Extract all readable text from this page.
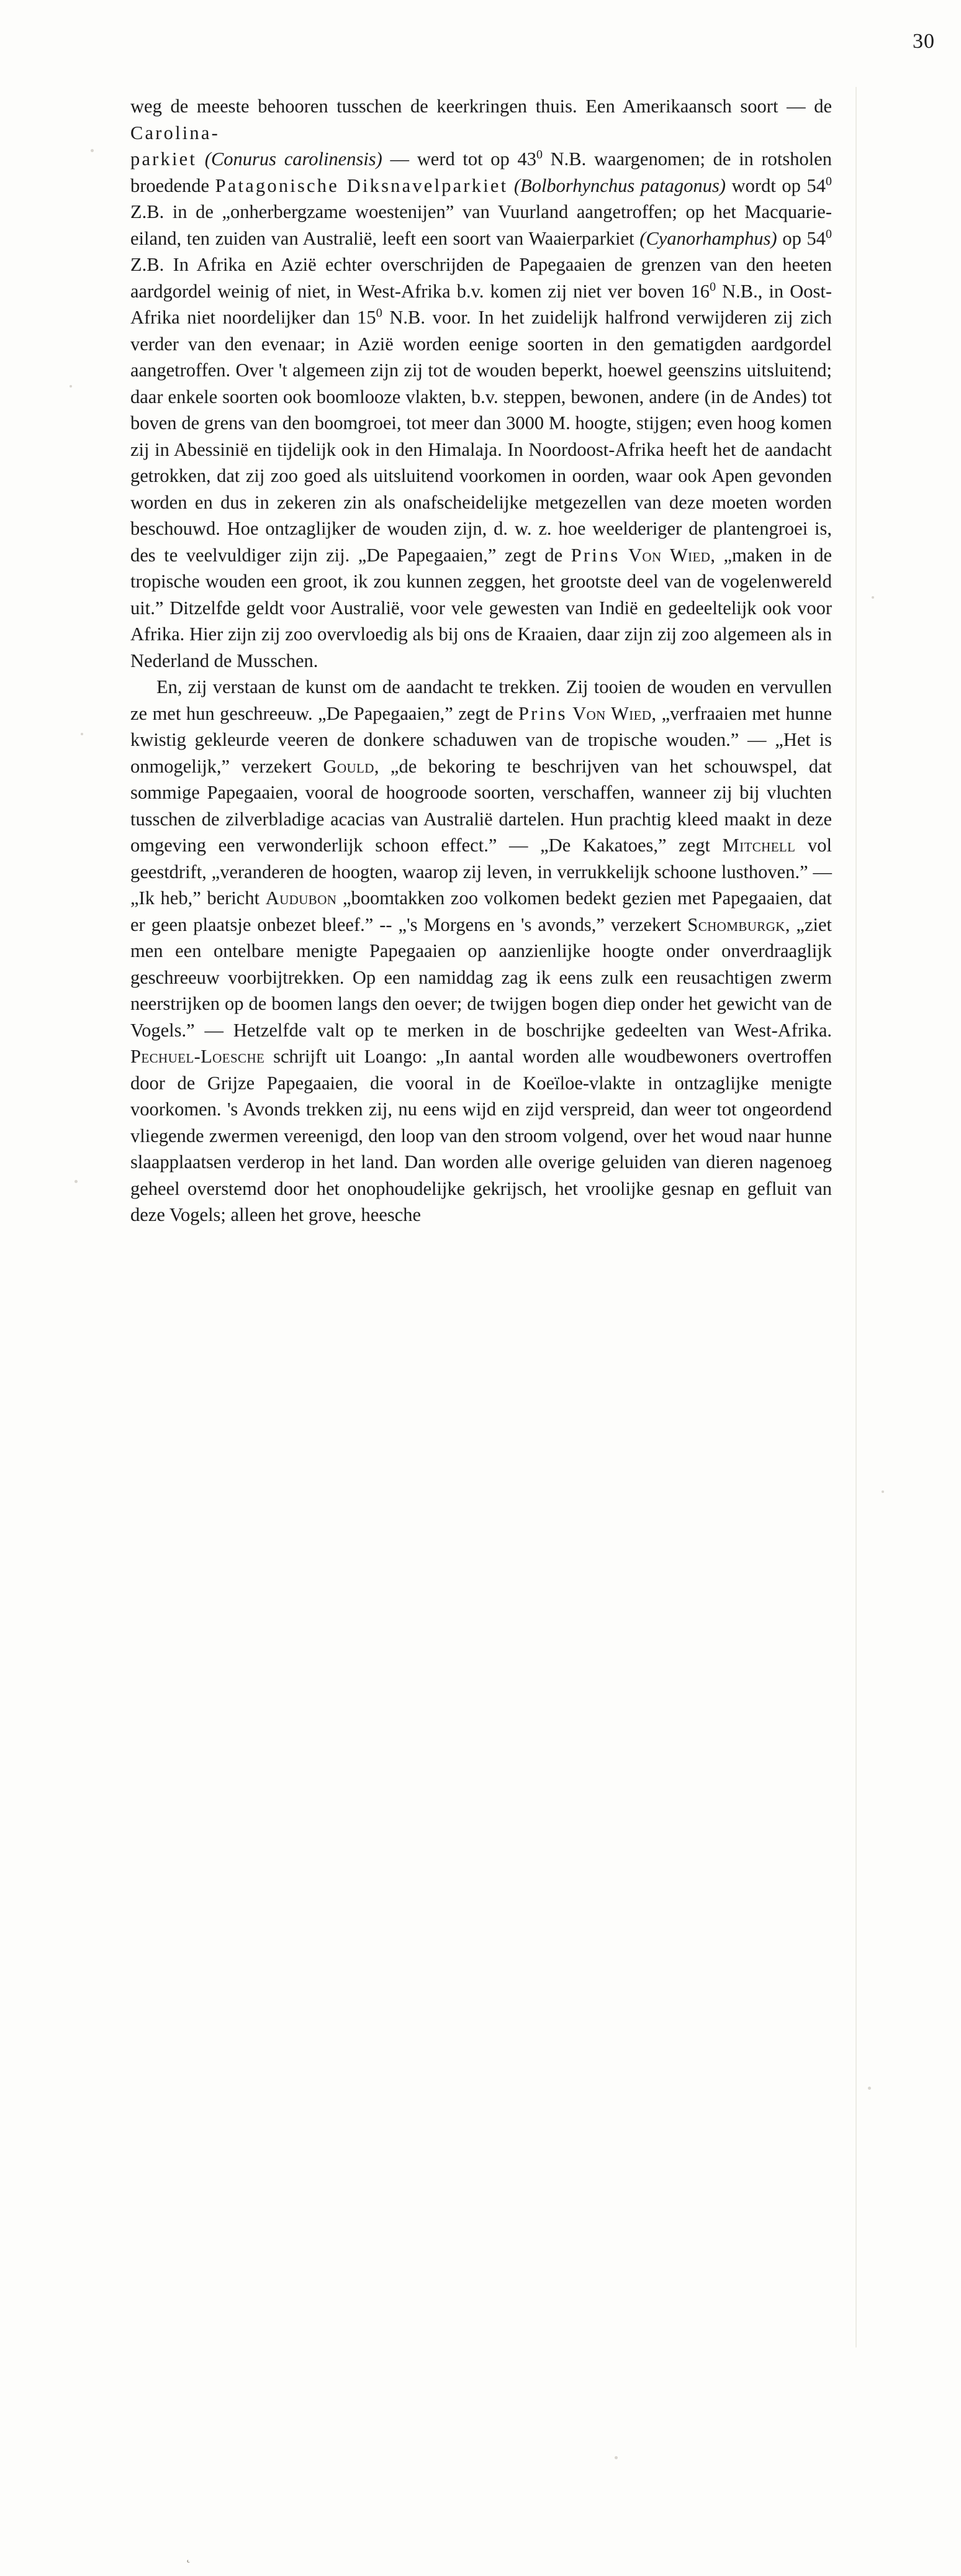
30
˛

weg de meeste behooren tusschen de keerkringen thuis. Een Amerikaansch soort — de Carolina-
parkiet (Conurus carolinensis) — werd tot op $43^0$ N.B. waargenomen; de in rotsholen broedende Patagonische Diksnavelparkiet (Bolborhynchus patagonus) wordt op $54^0$ Z.B. in de „onherbergzame woestenijen” van Vuurland aangetroffen; op het Macquarie-eiland, ten zuiden van Australië, leeft een soort van Waaierparkiet (Cyanorhamphus) op $54^0$ Z.B. In Afrika en Azië echter overschrijden de Papegaaien de grenzen van den heeten aardgordel weinig of niet, in West-Afrika b.v. komen zij niet ver boven $16^0$ N.B., in Oost-Afrika niet noordelijker dan $15^0$ N.B. voor. In het zuidelijk halfrond verwijderen zij zich verder van den evenaar; in Azië worden eenige soorten in den gematigden aardgordel aangetroffen. Over 't algemeen zijn zij tot de wouden beperkt, hoewel geenszins uitsluitend; daar enkele soorten ook boomlooze vlakten, b.v. steppen, bewonen, andere (in de Andes) tot boven de grens van den boomgroei, tot meer dan 3000 M. hoogte, stijgen; even hoog komen zij in Abessinië en tijdelijk ook in den Himalaja. In Noordoost-Afrika heeft het de aandacht getrokken, dat zij zoo goed als uitsluitend voorkomen in oorden, waar ook Apen gevonden worden en dus in zekeren zin als onafscheidelijke metgezellen van deze moeten worden beschouwd. Hoe ontzaglijker de wouden zijn, d. w. z. hoe weelderiger de plantengroei is, des te veelvuldiger zijn zij. „De Papegaaien,” zegt de Prins Von Wied, „maken in de tropische wouden een groot, ik zou kunnen zeggen, het grootste deel van de vogelenwereld uit.” Ditzelfde geldt voor Australië, voor vele gewesten van Indië en gedeeltelijk ook voor Afrika. Hier zijn zij zoo overvloedig als bij ons de Kraaien, daar zijn zij zoo algemeen als in Nederland de Musschen.

En, zij verstaan de kunst om de aandacht te trekken. Zij tooien de wouden en vervullen ze met hun geschreeuw. „De Papegaaien,” zegt de Prins Von Wied, „verfraaien met hunne kwistig gekleurde veeren de donkere schaduwen van de tropische wouden.” — „Het is onmogelijk,” verzekert Gould, „de bekoring te beschrijven van het schouwspel, dat sommige Papegaaien, vooral de hoogroode soorten, verschaffen, wanneer zij bij vluchten tusschen de zilverbladige acacias van Australië dartelen. Hun prachtig kleed maakt in deze omgeving een verwonderlijk schoon effect.” — „De Kakatoes,” zegt Mitchell vol geestdrift, „veranderen de hoogten, waarop zij leven, in verrukkelijk schoone lusthoven.” — „Ik heb,” bericht Audubon „boomtakken zoo volkomen bedekt gezien met Papegaaien, dat er geen plaatsje onbezet bleef.” -- „'s Morgens en 's avonds,” verzekert Schomburgk, „ziet men een ontelbare menigte Papegaaien op aanzienlijke hoogte onder onverdraaglijk geschreeuw voorbijtrekken. Op een namiddag zag ik eens zulk een reusachtigen zwerm neerstrijken op de boomen langs den oever; de twijgen bogen diep onder het gewicht van de Vogels.” — Hetzelfde valt op te merken in de boschrijke gedeelten van West-Afrika. Pechuel-Loesche schrijft uit Loango: „In aantal worden alle woudbewoners overtroffen door de Grijze Papegaaien, die vooral in de Koeïloe-vlakte in ontzaglijke menigte voorkomen. 's Avonds trekken zij, nu eens wijd en zijd verspreid, dan weer tot ongeordend vliegende zwermen vereenigd, den loop van den stroom volgend, over het woud naar hunne slaapplaatsen verderop in het land. Dan worden alle overige geluiden van dieren nagenoeg geheel overstemd door het onophoudelijke gekrijsch, het vroolijke gesnap en gefluit van deze Vogels; alleen het grove, heesche
